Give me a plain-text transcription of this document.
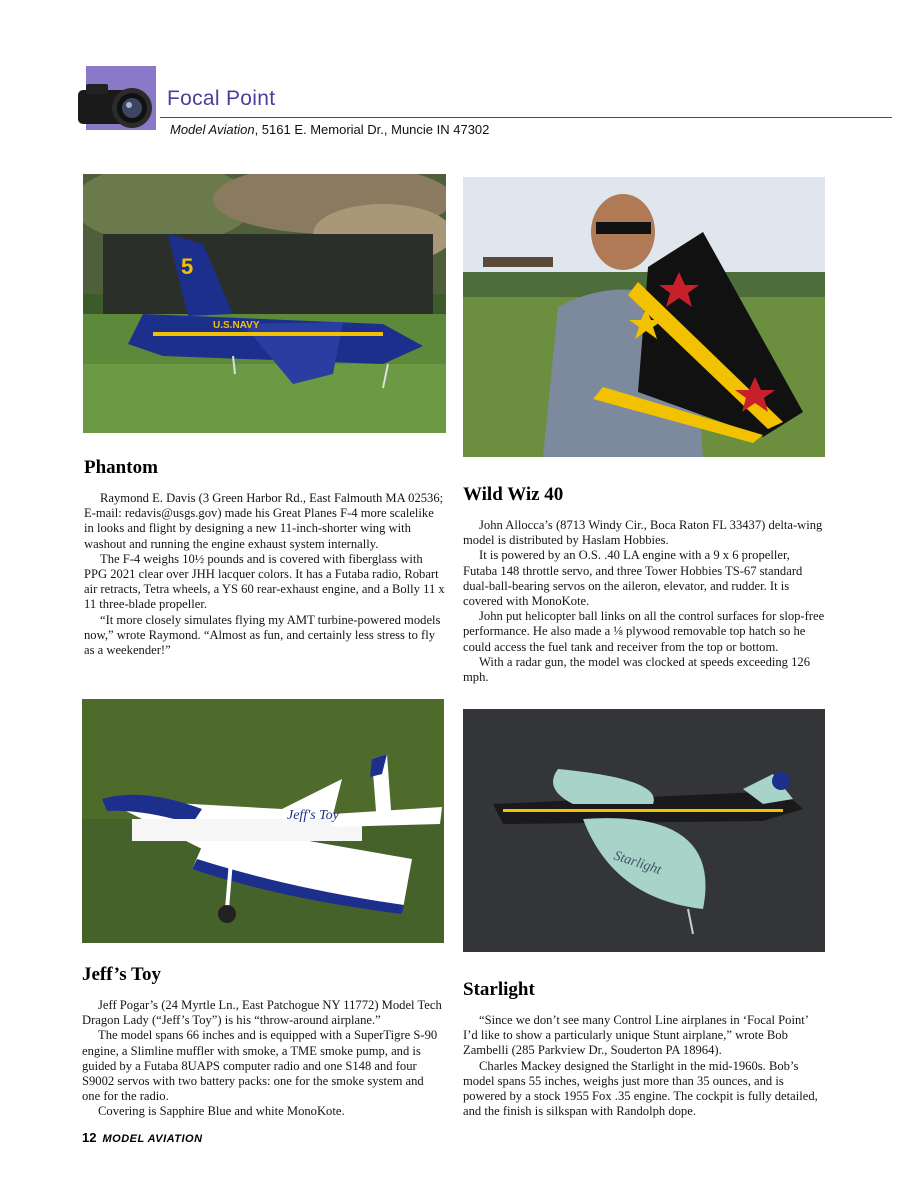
Focal Point
Model Aviation, 5161 E. Memorial Dr., Muncie IN 47302
5
U.S.NAVY
Jeff's Toy
Starlight
Phantom

Raymond E. Davis (3 Green Harbor Rd., East Falmouth MA 02536; E-mail: redavis@usgs.gov) made his Great Planes F-4 more scalelike in looks and flight by designing a new 11-inch-shorter wing with washout and running the engine exhaust system internally.

The F-4 weighs 10½ pounds and is covered with fiberglass with PPG 2021 clear over JHH lacquer colors. It has a Futaba radio, Robart air retracts, Tetra wheels, a YS 60 rear-exhaust engine, and a Bolly 11 x 11 three-blade propeller.

“It more closely simulates flying my AMT turbine-powered models now,” wrote Raymond. “Almost as fun, and certainly less stress to fly as a weekender!”

Wild Wiz 40

John Allocca’s (8713 Windy Cir., Boca Raton FL 33437) delta-wing model is distributed by Haslam Hobbies.

It is powered by an O.S. .40 LA engine with a 9 x 6 propeller, Futaba 148 throttle servo, and three Tower Hobbies TS-67 standard dual-ball-bearing servos on the aileron, elevator, and rudder. It is covered with MonoKote.

John put helicopter ball links on all the control surfaces for slop-free performance. He also made a ⅛ plywood removable top hatch so he could access the fuel tank and receiver from the top or bottom.

With a radar gun, the model was clocked at speeds exceeding 126 mph.

Jeff’s Toy

Jeff Pogar’s (24 Myrtle Ln., East Patchogue NY 11772) Model Tech Dragon Lady (“Jeff’s Toy”) is his “throw-around airplane.”

The model spans 66 inches and is equipped with a SuperTigre S-90 engine, a Slimline muffler with smoke, a TME smoke pump, and is guided by a Futaba 8UAPS computer radio and one S148 and four S9002 servos with two battery packs: one for the smoke system and one for the radio.

Covering is Sapphire Blue and white MonoKote.

Starlight

“Since we don’t see many Control Line airplanes in ‘Focal Point’ I’d like to show a particularly unique Stunt airplane,” wrote Bob Zambelli (285 Parkview Dr., Souderton PA 18964).

Charles Mackey designed the Starlight in the mid-1960s. Bob’s model spans 55 inches, weighs just more than 35 ounces, and is powered by a stock 1955 Fox .35 engine. The cockpit is fully detailed, and the finish is silkspan with Randolph dope.

12 MODEL AVIATION
